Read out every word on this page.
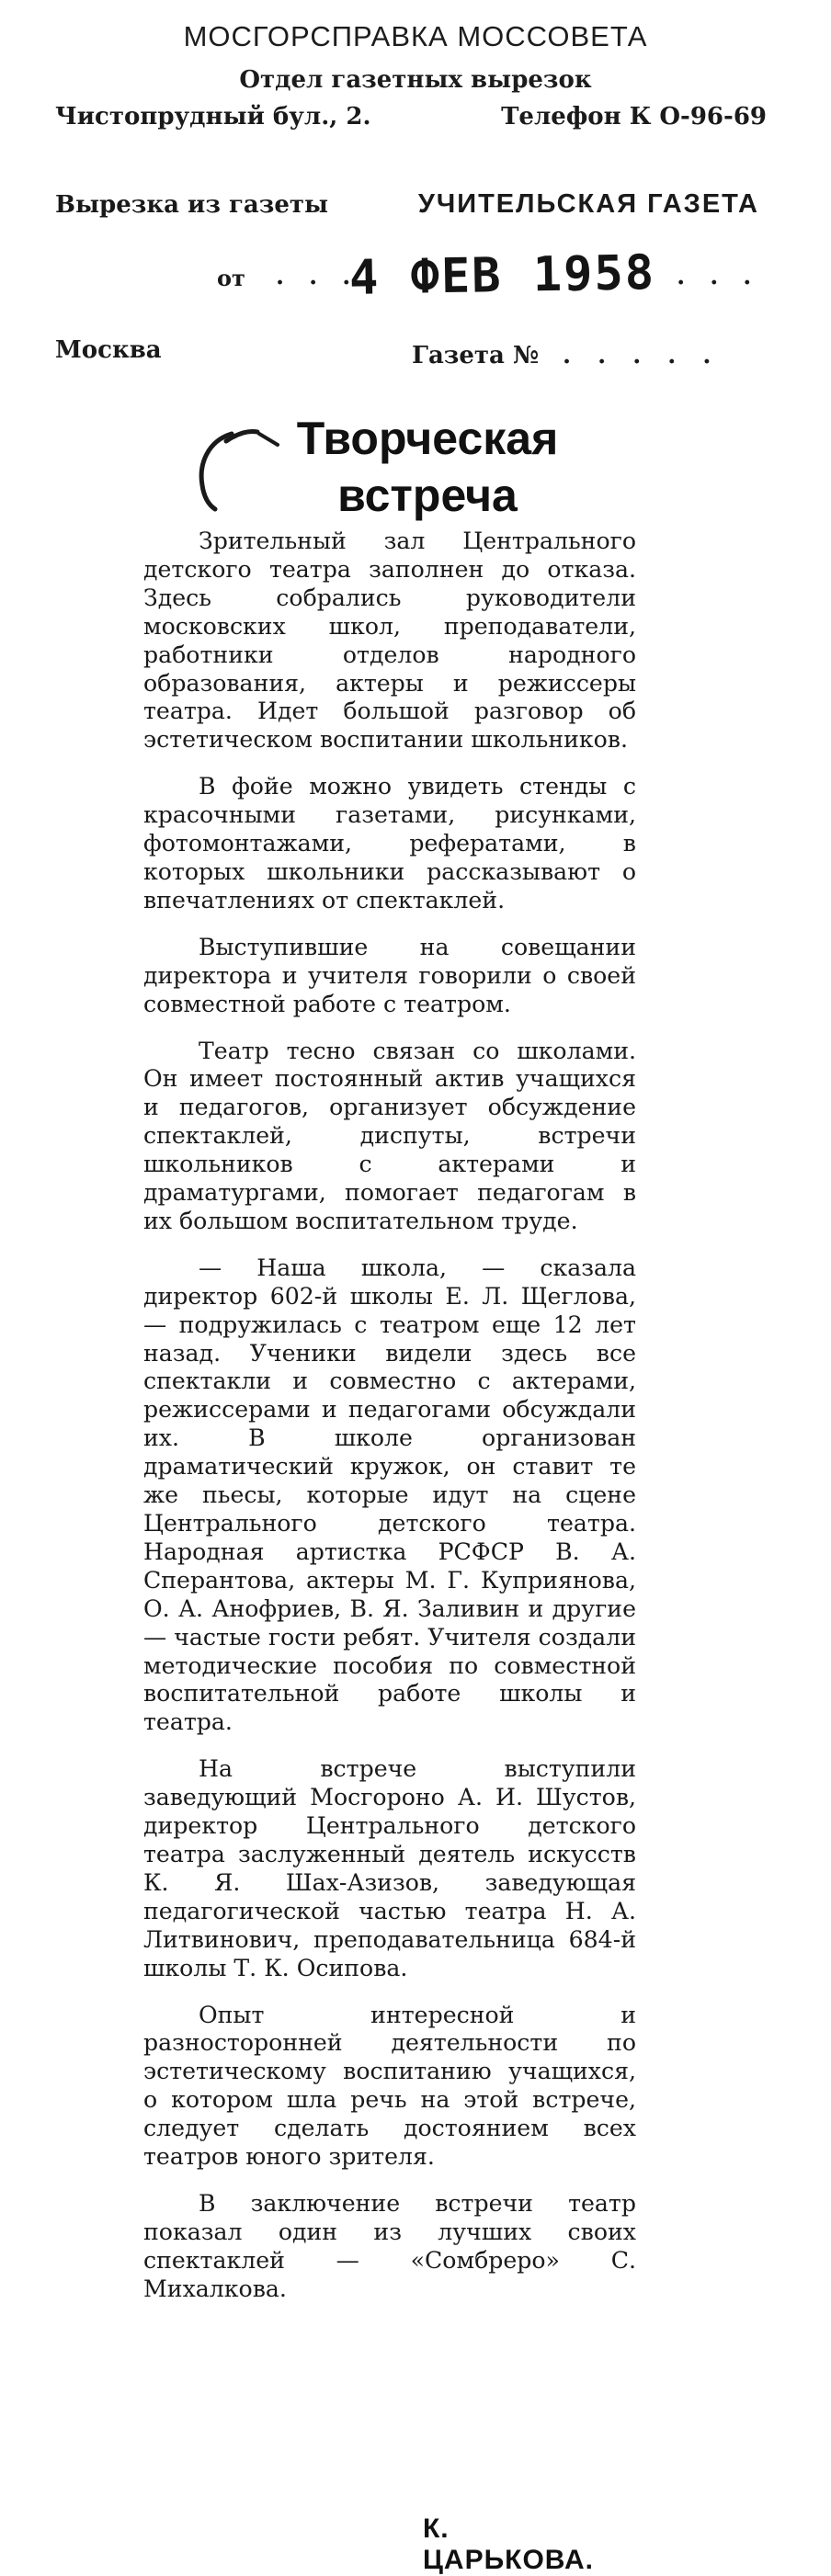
МОСГОРСПРАВКА МОССОВЕТА
Отдел газетных вырезок
Чистопрудный бул., 2.	Телефон К О-96-69
Вырезка из газеты	УЧИТЕЛЬСКАЯ ГАЗЕТА
от . . .
4 ФЕВ 1958
. . . .
Москва	Газета № . . . . .
Творческая
встреча

Зрительный зал Центрального детского театра заполнен до отказа. Здесь собрались руководители московских школ, преподаватели, работники отделов народного образования, актеры и режиссеры театра. Идет большой разговор об эстетическом воспитании школьников.

В фойе можно увидеть стенды с красочными газетами, рисунками, фотомонтажами, рефератами, в которых школьники рассказывают о впечатлениях от спектаклей.

Выступившие на совещании директора и учителя говорили о своей совместной работе с театром.

Театр тесно связан со школами. Он имеет постоянный актив учащихся и педагогов, организует обсуждение спектаклей, диспуты, встречи школьников с актерами и драматургами, помогает педагогам в их большом воспитательном труде.

— Наша школа, — сказала директор 602-й школы Е. Л. Щеглова, — подружилась с театром еще 12 лет назад. Ученики видели здесь все спектакли и совместно с актерами, режиссерами и педагогами обсуждали их. В школе организован драматический кружок, он ставит те же пьесы, которые идут на сцене Центрального детского театра. Народная артистка РСФСР В. А. Сперантова, актеры М. Г. Куприянова, О. А. Анофриев, В. Я. Заливин и другие — частые гости ребят. Учителя создали методические пособия по совместной воспитательной работе школы и театра.

На встрече выступили заведующий Мосгороно А. И. Шустов, директор Центрального детского театра заслуженный деятель искусств К. Я. Шах-Азизов, заведующая педагогической частью театра Н. А. Литвинович, преподавательница 684-й школы Т. К. Осипова.

Опыт интересной и разносторонней деятельности по эстетическому воспитанию учащихся, о котором шла речь на этой встрече, следует сделать достоянием всех театров юного зрителя.

В заключение встречи театр показал один из лучших своих спектаклей — «Сомбреро» С. Михалкова.

К. ЦАРЬКОВА.
